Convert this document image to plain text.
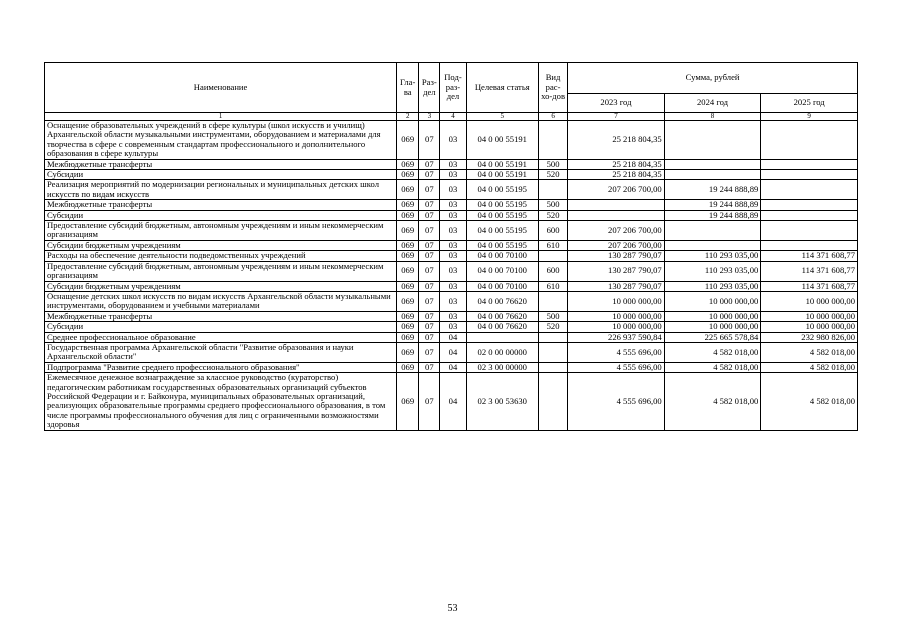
Наименование	Гла-ва	Раз-дел	Под-раз-дел	Целевая статья	Вид рас-хо-дов	Сумма, рублей		
						2023 год	2024 год	2025 год
1	2	3	4	5	6	7	8	9
Оснащение образовательных учреждений в сфере культуры (школ искусств и училищ) Архангельской области музыкальными инструментами, оборудованием и материалами для творчества в сфере с современным стандартам профессионального и дополнительного образования в сфере культуры	069	07	03	04 0 00 55191		25 218 804,35		
Межбюджетные трансферты	069	07	03	04 0 00 55191	500	25 218 804,35		
Субсидии	069	07	03	04 0 00 55191	520	25 218 804,35		
Реализация мероприятий по модернизации региональных и муниципальных детских школ искусств по видам искусств	069	07	03	04 0 00 55195		207 206 700,00	19 244 888,89	
Межбюджетные трансферты	069	07	03	04 0 00 55195	500		19 244 888,89	
Субсидии	069	07	03	04 0 00 55195	520		19 244 888,89	
Предоставление субсидий бюджетным, автономным учреждениям и иным некоммерческим организациям	069	07	03	04 0 00 55195	600	207 206 700,00		
Субсидии бюджетным учреждениям	069	07	03	04 0 00 55195	610	207 206 700,00		
Расходы на обеспечение деятельности подведомственных учреждений	069	07	03	04 0 00 70100		130 287 790,07	110 293 035,00	114 371 608,77
Предоставление субсидий бюджетным, автономным учреждениям и иным некоммерческим организациям	069	07	03	04 0 00 70100	600	130 287 790,07	110 293 035,00	114 371 608,77
Субсидии бюджетным учреждениям	069	07	03	04 0 00 70100	610	130 287 790,07	110 293 035,00	114 371 608,77
Оснащение детских школ искусств по видам искусств Архангельской области музыкальными инструментами, оборудованием и учебными материалами	069	07	03	04 0 00 76620		10 000 000,00	10 000 000,00	10 000 000,00
Межбюджетные трансферты	069	07	03	04 0 00 76620	500	10 000 000,00	10 000 000,00	10 000 000,00
Субсидии	069	07	03	04 0 00 76620	520	10 000 000,00	10 000 000,00	10 000 000,00
Среднее профессиональное образование	069	07	04			226 937 590,84	225 665 578,84	232 980 826,00
Государственная программа Архангельской области "Развитие образования и науки Архангельской области"	069	07	04	02 0 00 00000		4 555 696,00	4 582 018,00	4 582 018,00
Подпрограмма "Развитие среднего профессионального образования"	069	07	04	02 3 00 00000		4 555 696,00	4 582 018,00	4 582 018,00
Ежемесячное денежное вознаграждение за классное руководство (кураторство) педагогическим работникам государственных образовательных организаций субъектов Российской Федерации и г. Байконура, муниципальных образовательных организаций, реализующих образовательные программы среднего профессионального образования, в том числе программы профессионального обучения для лиц с ограниченными возможностями здоровья	069	07	04	02 3 00 53630		4 555 696,00	4 582 018,00	4 582 018,00
53
